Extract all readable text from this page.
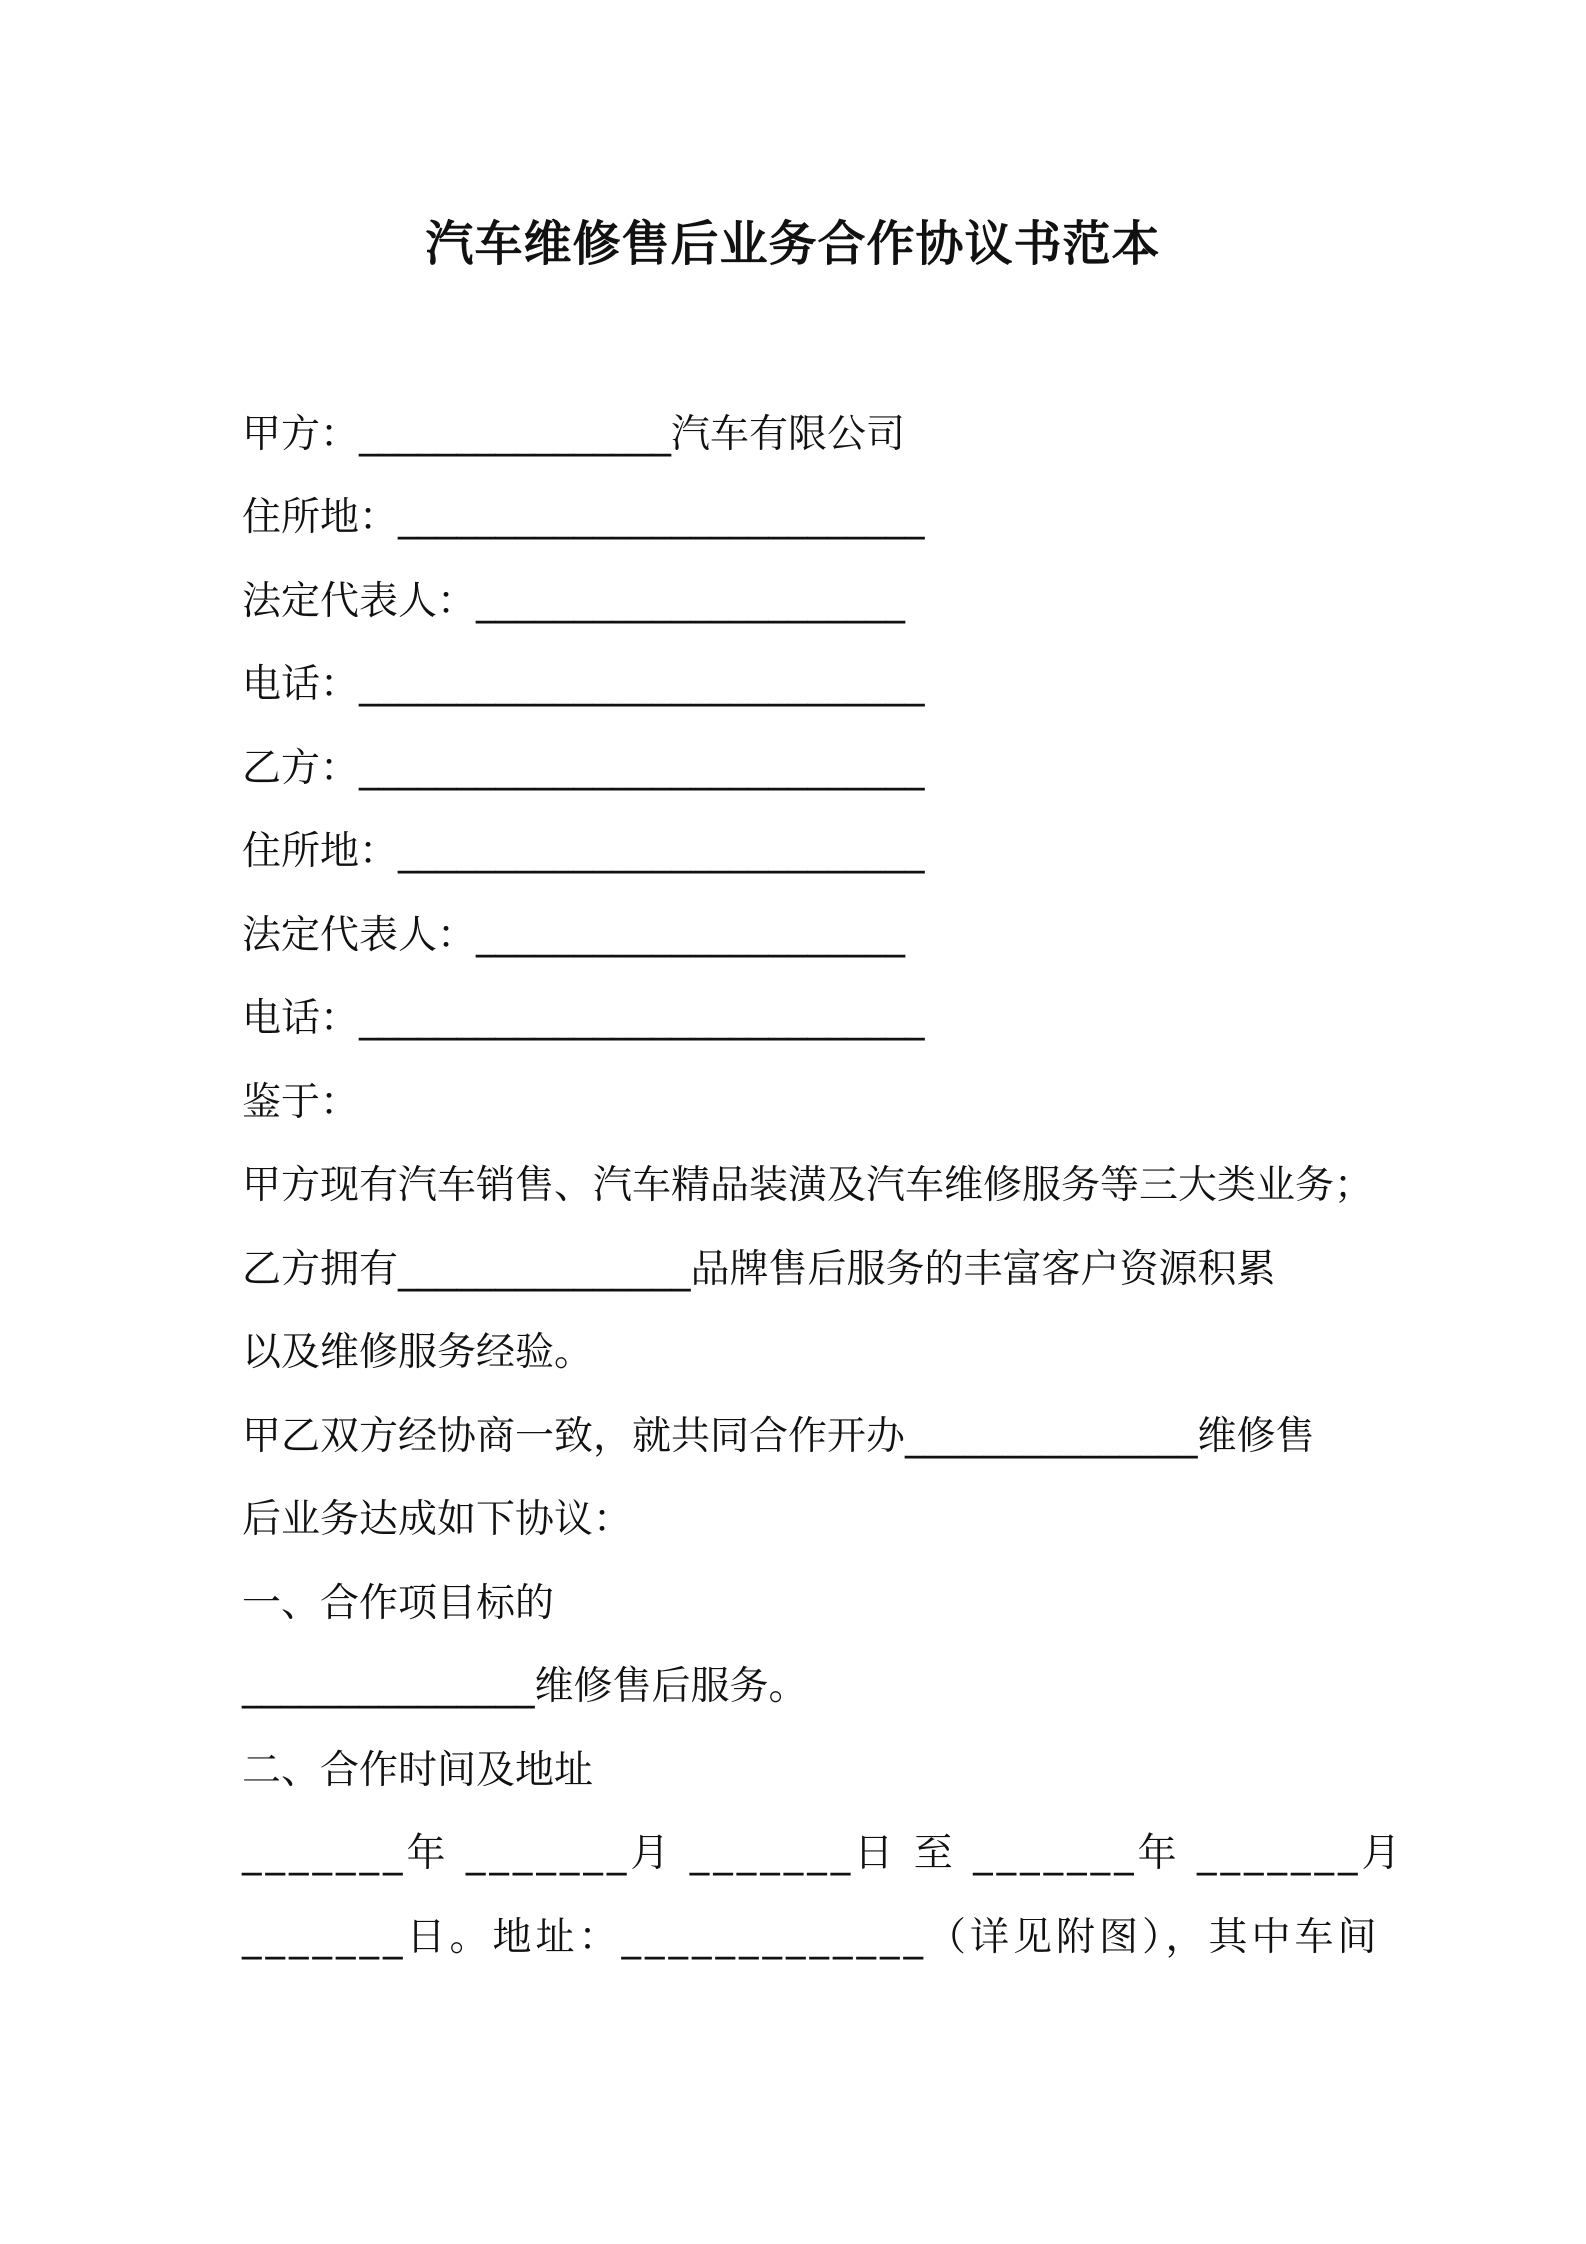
汽车维修售后业务合作协议书范本
甲方：________________汽车有限公司
住所地：___________________________
法定代表人：______________________
电话：_____________________________
乙方：_____________________________
住所地：___________________________
法定代表人：______________________
电话：_____________________________
鉴于：
甲方现有汽车销售、汽车精品装潢及汽车维修服务等三大类业务；
乙方拥有_______________品牌售后服务的丰富客户资源积累
以及维修服务经验。
甲乙双方经协商一致，就共同合作开办_______________维修售
后业务达成如下协议：
一、合作项目标的
_______________维修售后服务。
二、合作时间及地址
_______年 _______月 _______日 至 _______年 _______月
_______日。地址：_____________（详见附图），其中车间
